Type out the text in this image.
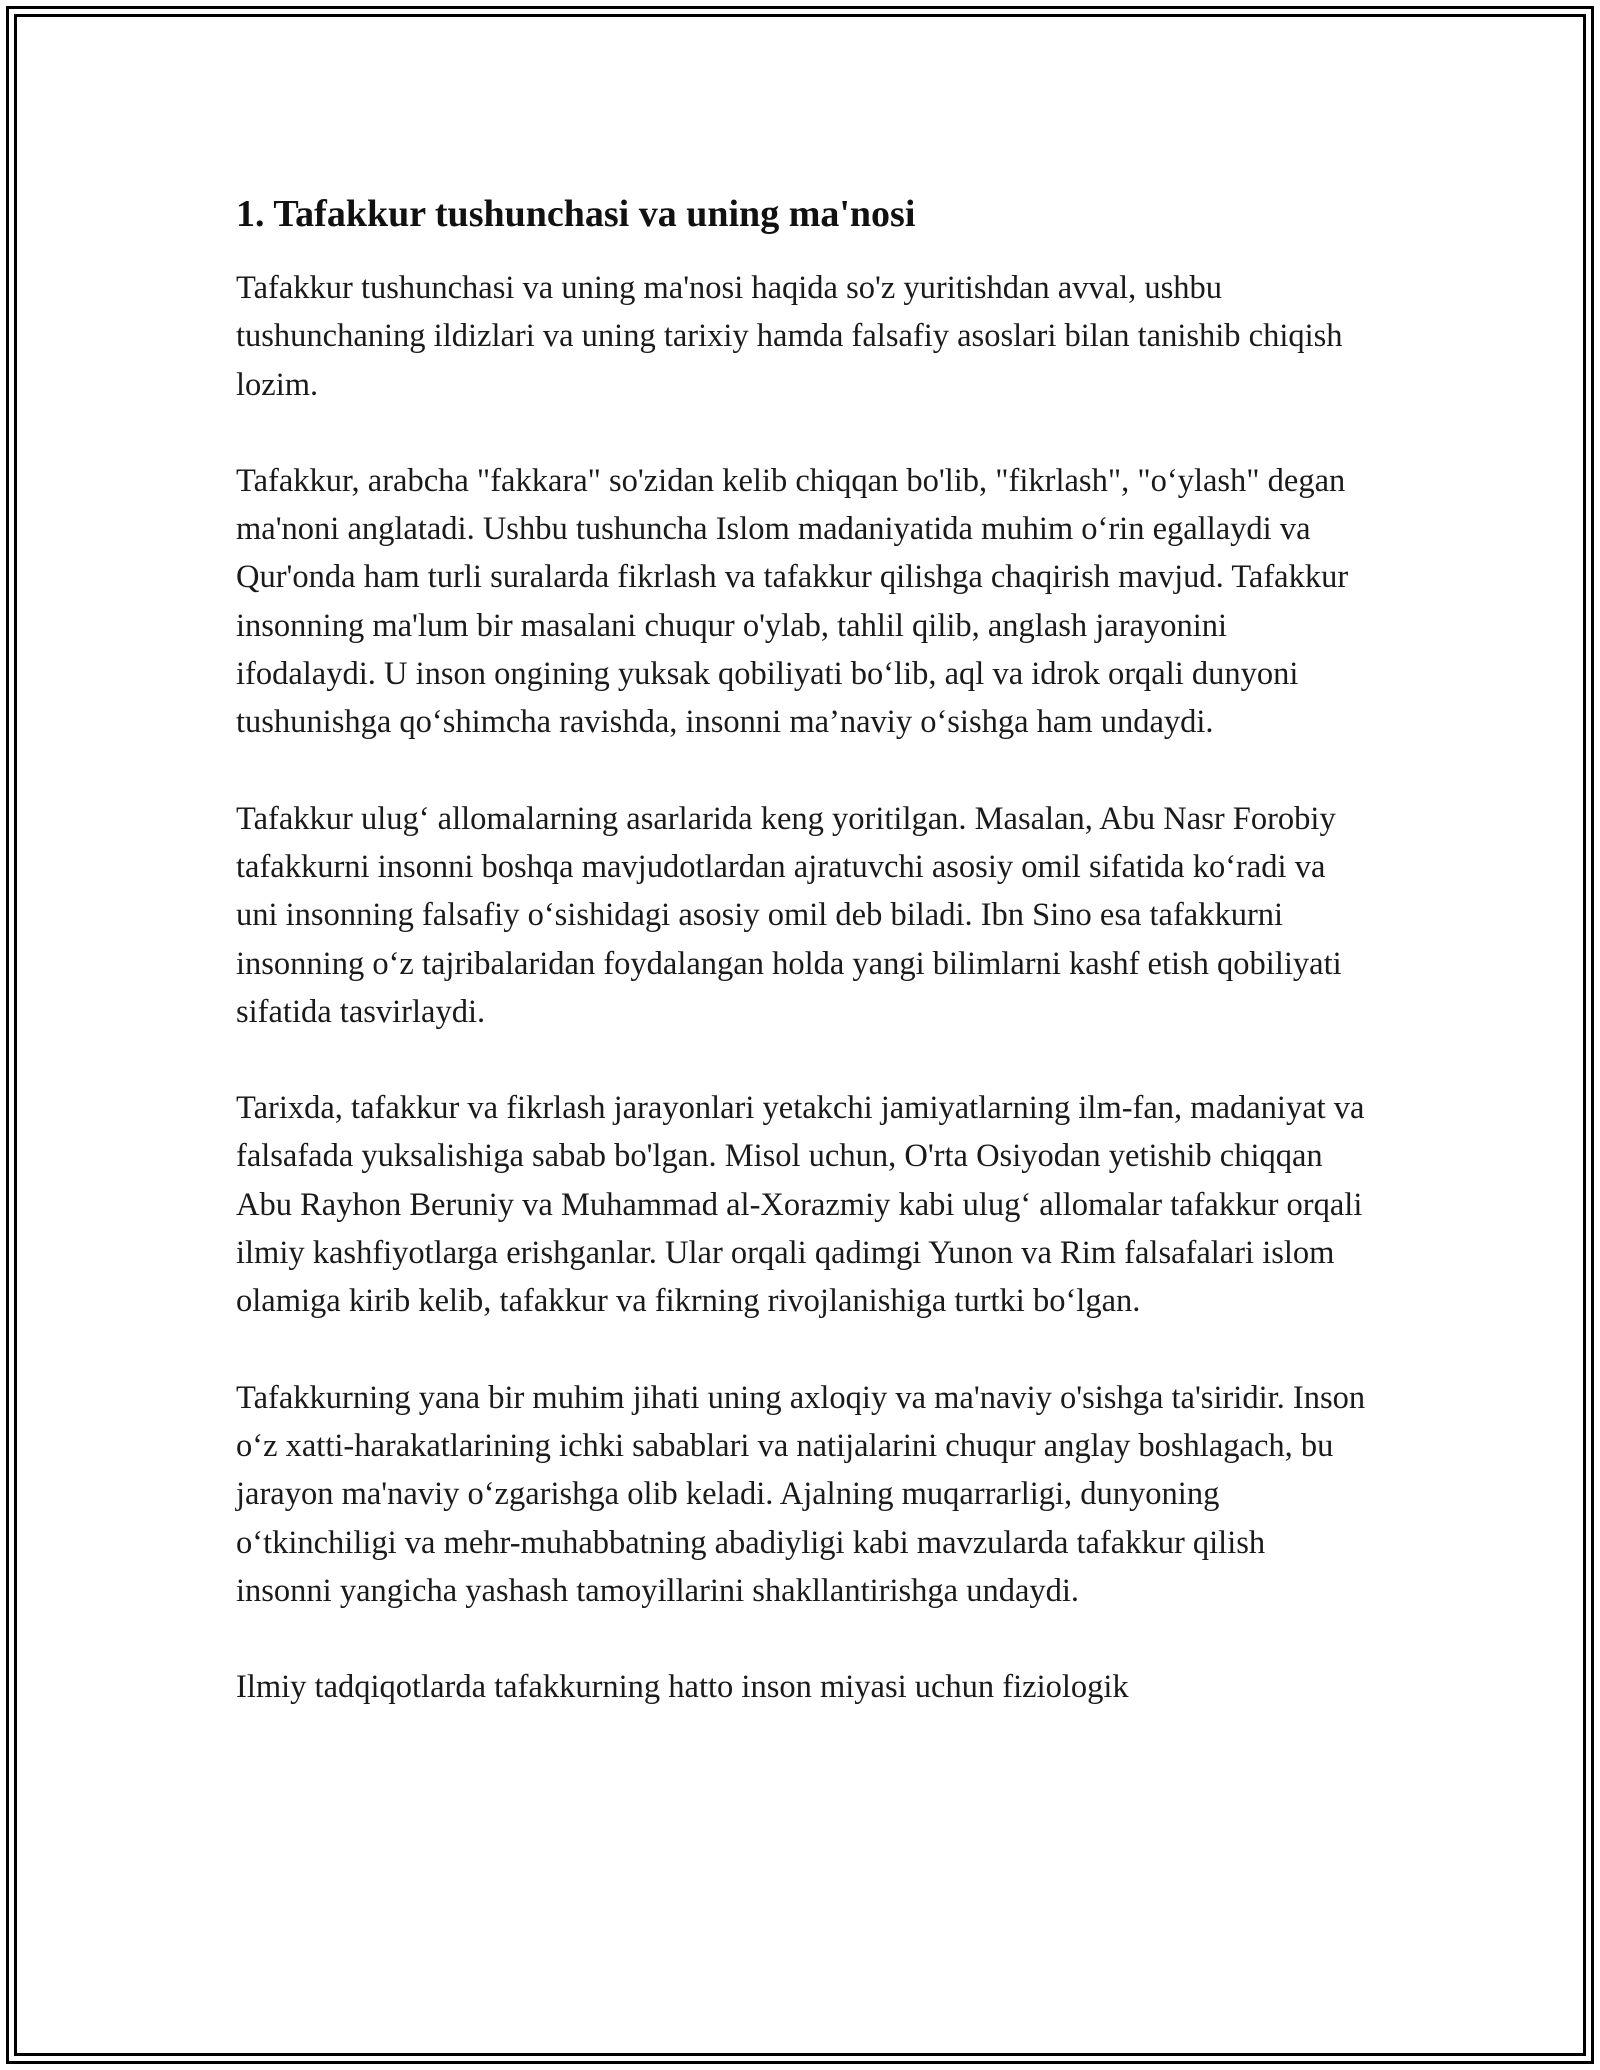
1. Tafakkur tushunchasi va uning ma'nosi

Tafakkur tushunchasi va uning ma'nosi haqida so'z yuritishdan avval, ushbu tushunchaning ildizlari va uning tarixiy hamda falsafiy asoslari bilan tanishib chiqish lozim.

Tafakkur, arabcha "fakkara" so'zidan kelib chiqqan bo'lib, "fikrlash", "o‘ylash" degan ma'noni anglatadi. Ushbu tushuncha Islom madaniyatida muhim o‘rin egallaydi va Qur'onda ham turli suralarda fikrlash va tafakkur qilishga chaqirish mavjud. Tafakkur insonning ma'lum bir masalani chuqur o'ylab, tahlil qilib, anglash jarayonini ifodalaydi. U inson ongining yuksak qobiliyati bo‘lib, aql va idrok orqali dunyoni tushunishga qo‘shimcha ravishda, insonni ma’naviy o‘sishga ham undaydi.

Tafakkur ulug‘ allomalarning asarlarida keng yoritilgan. Masalan, Abu Nasr Forobiy tafakkurni insonni boshqa mavjudotlardan ajratuvchi asosiy omil sifatida ko‘radi va uni insonning falsafiy o‘sishidagi asosiy omil deb biladi. Ibn Sino esa tafakkurni insonning o‘z tajribalaridan foydalangan holda yangi bilimlarni kashf etish qobiliyati sifatida tasvirlaydi.

Tarixda, tafakkur va fikrlash jarayonlari yetakchi jamiyatlarning ilm-fan, madaniyat va falsafada yuksalishiga sabab bo'lgan. Misol uchun, O'rta Osiyodan yetishib chiqqan Abu Rayhon Beruniy va Muhammad al-Xorazmiy kabi ulug‘ allomalar tafakkur orqali ilmiy kashfiyotlarga erishganlar. Ular orqali qadimgi Yunon va Rim falsafalari islom olamiga kirib kelib, tafakkur va fikrning rivojlanishiga turtki bo‘lgan.

Tafakkurning yana bir muhim jihati uning axloqiy va ma'naviy o'sishga ta'siridir. Inson o‘z xatti-harakatlarining ichki sabablari va natijalarini chuqur anglay boshlagach, bu jarayon ma'naviy o‘zgarishga olib keladi. Ajalning muqarrarligi, dunyoning o‘tkinchiligi va mehr-muhabbatning abadiyligi kabi mavzularda tafakkur qilish insonni yangicha yashash tamoyillarini shakllantirishga undaydi.

Ilmiy tadqiqotlarda tafakkurning hatto inson miyasi uchun fiziologik
